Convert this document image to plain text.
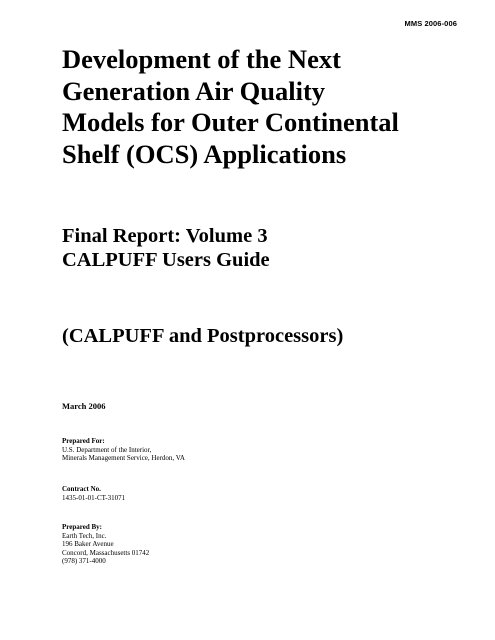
MMS 2006-006
Development of the Next
Generation Air Quality
Models for Outer Continental
Shelf (OCS) Applications
Final Report: Volume 3
CALPUFF Users Guide
(CALPUFF and Postprocessors)
March 2006
Prepared For:
U.S. Department of the Interior,
Minerals Management Service, Herdon, VA
Contract No.
1435-01-01-CT-31071
Prepared By:
Earth Tech, Inc.
196 Baker Avenue
Concord, Massachusetts 01742
(978) 371-4000
